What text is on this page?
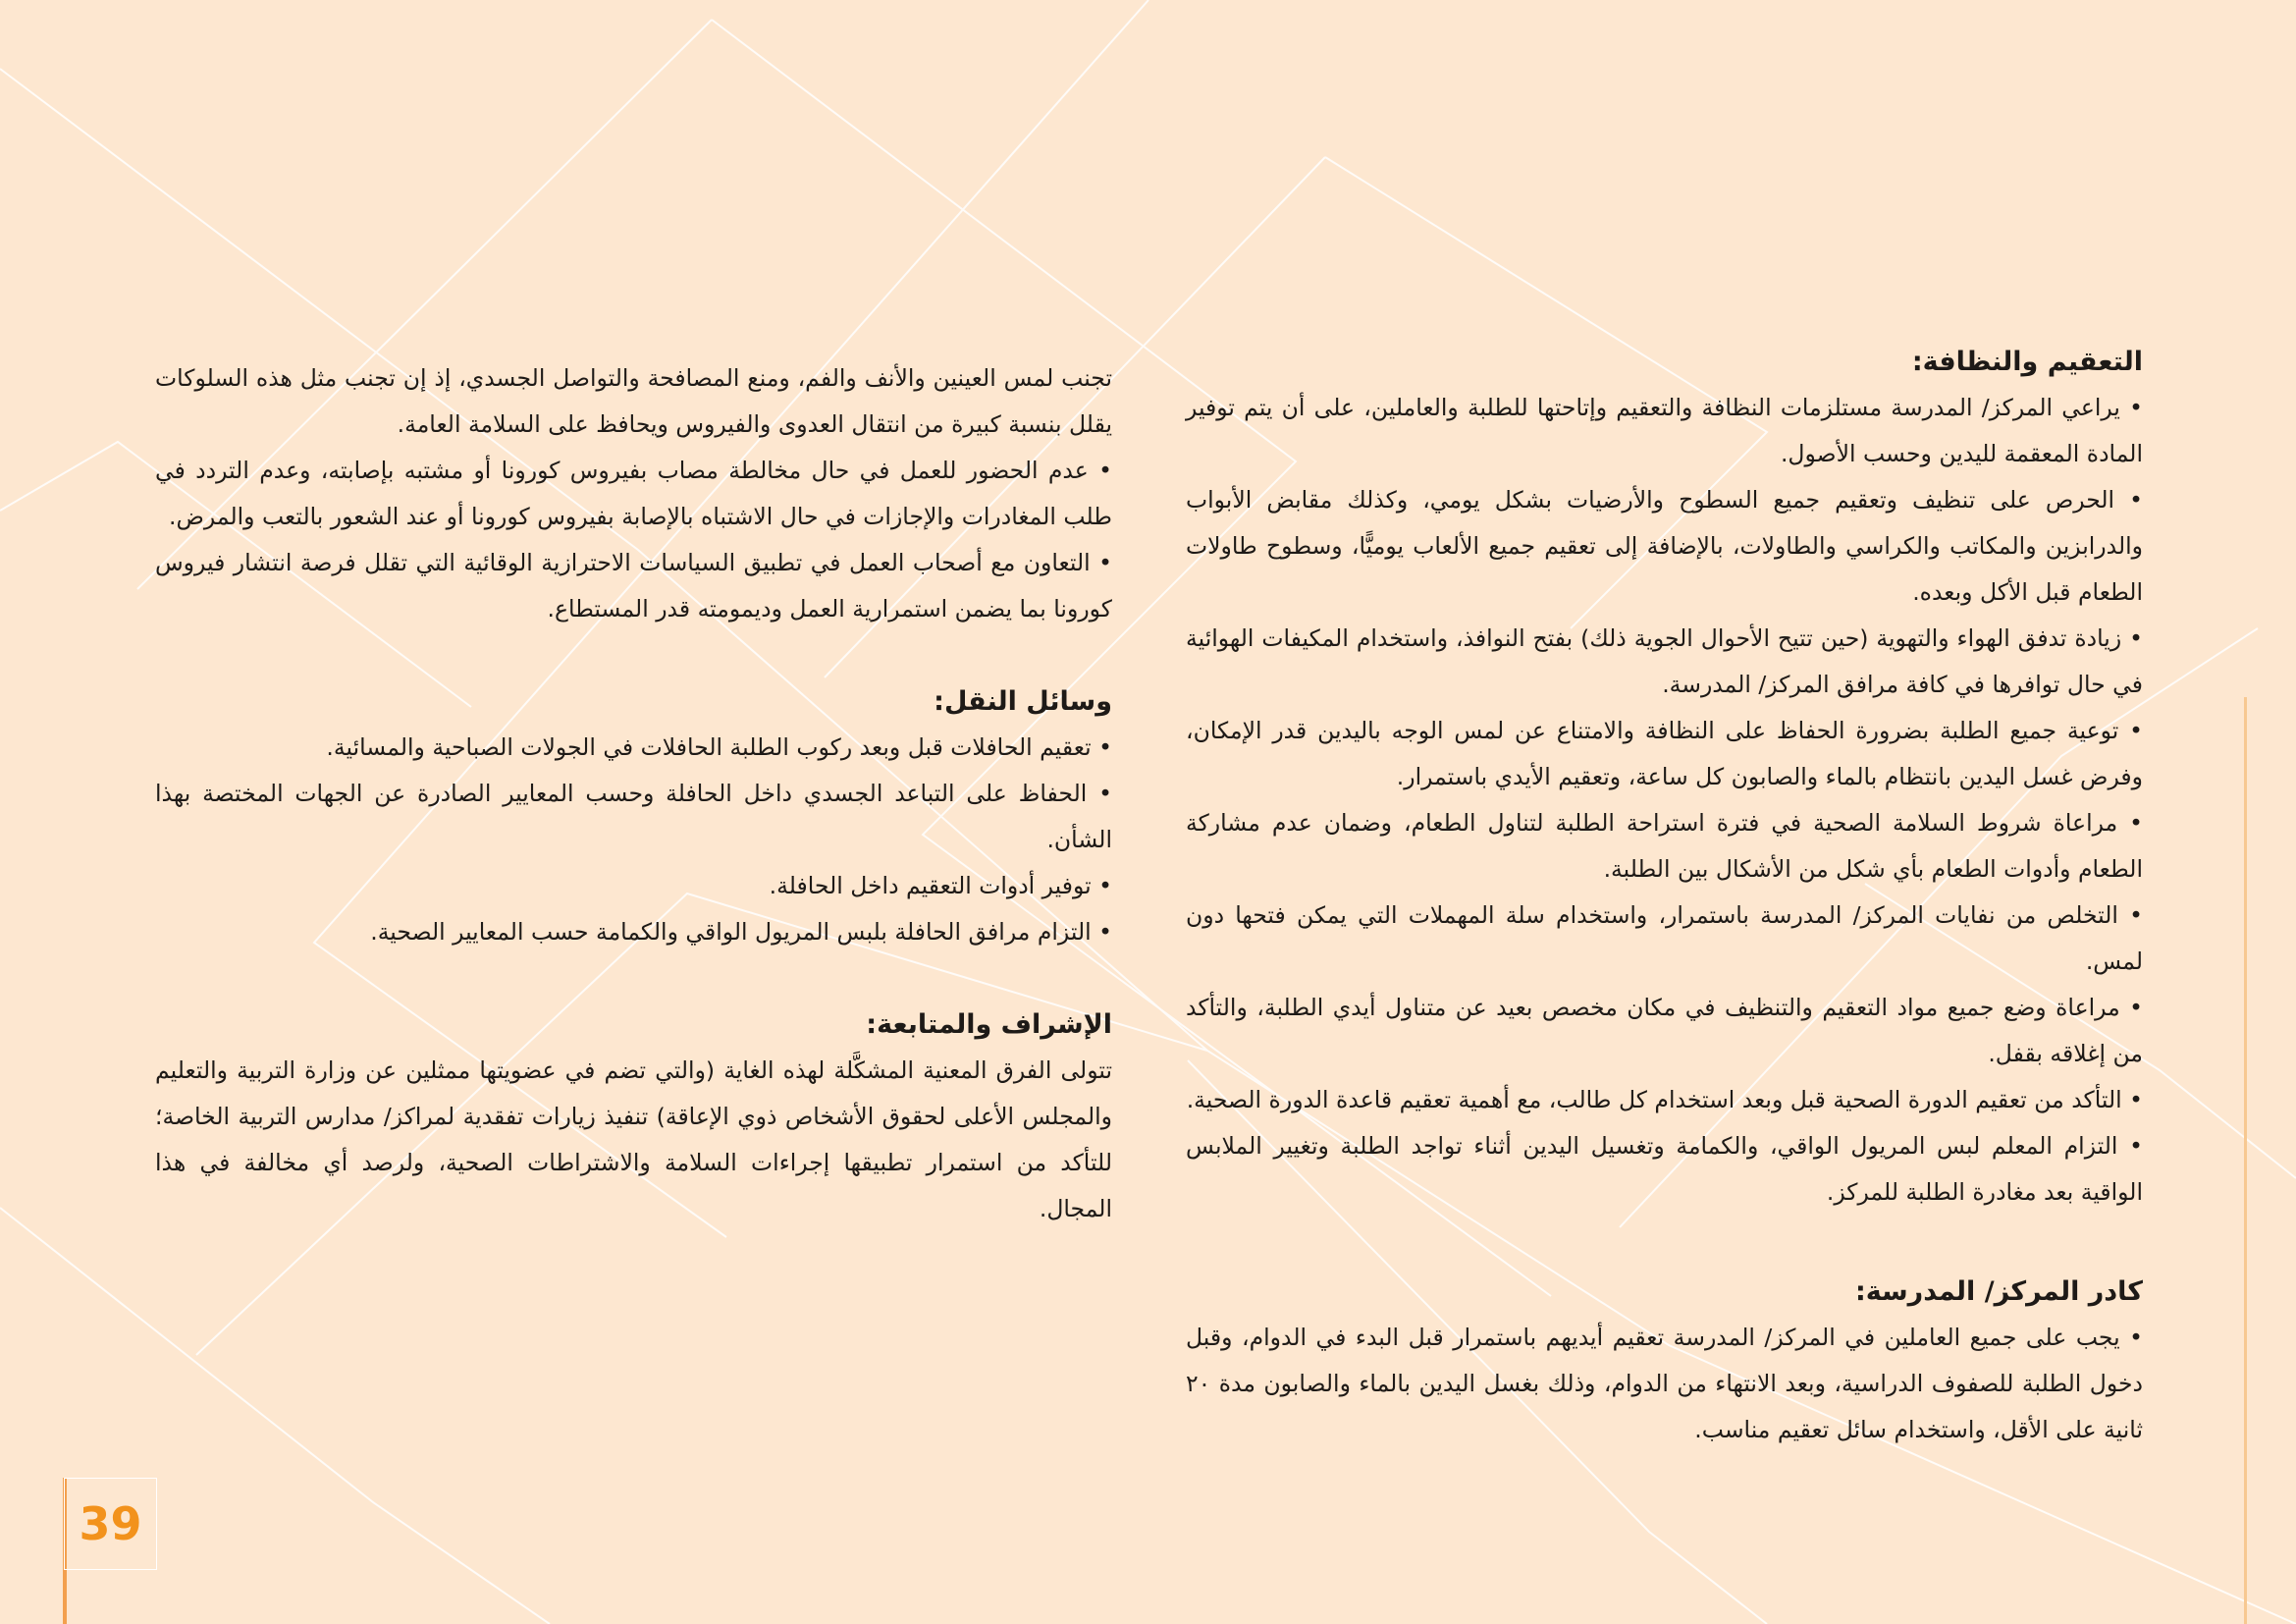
التعقيم والنظافة:
• يراعي المركز/ المدرسة مستلزمات النظافة والتعقيم وإتاحتها للطلبة والعاملين، على أن يتم توفير المادة المعقمة لليدين وحسب الأصول.
• الحرص على تنظيف وتعقيم جميع السطوح والأرضيات بشكل يومي، وكذلك مقابض الأبواب والدرابزين والمكاتب والكراسي والطاولات، بالإضافة إلى تعقيم جميع الألعاب يوميًّا، وسطوح طاولات الطعام قبل الأكل وبعده.
• زيادة تدفق الهواء والتهوية (حين تتيح الأحوال الجوية ذلك) بفتح النوافذ، واستخدام المكيفات الهوائية في حال توافرها في كافة مرافق المركز/ المدرسة.
• توعية جميع الطلبة بضرورة الحفاظ على النظافة والامتناع عن لمس الوجه باليدين قدر الإمكان، وفرض غسل اليدين بانتظام بالماء والصابون كل ساعة، وتعقيم الأيدي باستمرار.
• مراعاة شروط السلامة الصحية في فترة استراحة الطلبة لتناول الطعام، وضمان عدم مشاركة الطعام وأدوات الطعام بأي شكل من الأشكال بين الطلبة.
• التخلص من نفايات المركز/ المدرسة باستمرار، واستخدام سلة المهملات التي يمكن فتحها دون لمس.
• مراعاة وضع جميع مواد التعقيم والتنظيف في مكان مخصص بعيد عن متناول أيدي الطلبة، والتأكد من إغلاقه بقفل.
• التأكد من تعقيم الدورة الصحية قبل وبعد استخدام كل طالب، مع أهمية تعقيم قاعدة الدورة الصحية.
• التزام المعلم لبس المريول الواقي، والكمامة وتغسيل اليدين أثناء تواجد الطلبة وتغيير الملابس الواقية بعد مغادرة الطلبة للمركز.
كادر المركز/ المدرسة:
• يجب على جميع العاملين في المركز/ المدرسة تعقيم أيديهم باستمرار قبل البدء في الدوام، وقبل دخول الطلبة للصفوف الدراسية، وبعد الانتهاء من الدوام، وذلك بغسل اليدين بالماء والصابون مدة ٢٠ ثانية على الأقل، واستخدام سائل تعقيم مناسب.
تجنب لمس العينين والأنف والفم، ومنع المصافحة والتواصل الجسدي، إذ إن تجنب مثل هذه السلوكات يقلل بنسبة كبيرة من انتقال العدوى والفيروس ويحافظ على السلامة العامة.
• عدم الحضور للعمل في حال مخالطة مصاب بفيروس كورونا أو مشتبه بإصابته، وعدم التردد في طلب المغادرات والإجازات في حال الاشتباه بالإصابة بفيروس كورونا أو عند الشعور بالتعب والمرض.
• التعاون مع أصحاب العمل في تطبيق السياسات الاحترازية الوقائية التي تقلل فرصة انتشار فيروس كورونا بما يضمن استمرارية العمل وديمومته قدر المستطاع.
وسائل النقل:
• تعقيم الحافلات قبل وبعد ركوب الطلبة الحافلات في الجولات الصباحية والمسائية.
• الحفاظ على التباعد الجسدي داخل الحافلة وحسب المعايير الصادرة عن الجهات المختصة بهذا الشأن.
• توفير أدوات التعقيم داخل الحافلة.
• التزام مرافق الحافلة بلبس المريول الواقي والكمامة حسب المعايير الصحية.
الإشراف والمتابعة:
تتولى الفرق المعنية المشكَّلة لهذه الغاية (والتي تضم في عضويتها ممثلين عن وزارة التربية والتعليم والمجلس الأعلى لحقوق الأشخاص ذوي الإعاقة) تنفيذ زيارات تفقدية لمراكز/ مدارس التربية الخاصة؛ للتأكد من استمرار تطبيقها إجراءات السلامة والاشتراطات الصحية، ولرصد أي مخالفة في هذا المجال.
39
